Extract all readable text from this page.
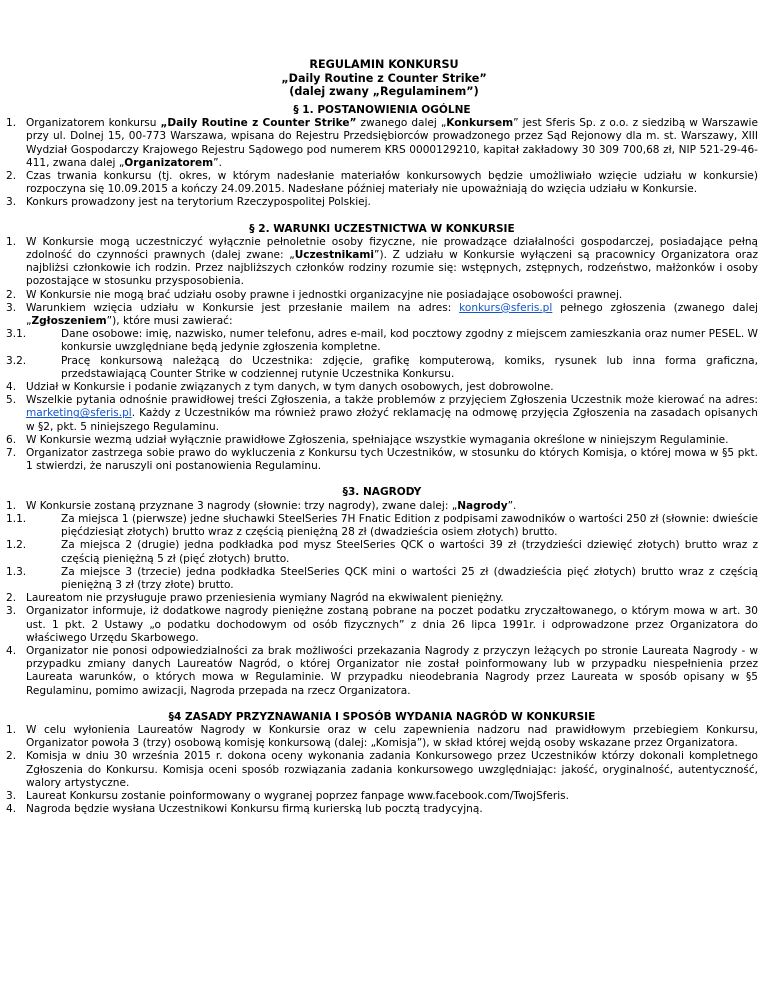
REGULAMIN KONKURSU
„Daily Routine z Counter Strike”
(dalej zwany „Regulaminem”)
§ 1. POSTANOWIENIA OGÓLNE
1. Organizatorem konkursu „Daily Routine z Counter Strike” zwanego dalej „Konkursem” jest Sferis Sp. z o.o. z siedzibą w Warszawie przy ul. Dolnej 15, 00-773 Warszawa, wpisana do Rejestru Przedsiębiorców prowadzonego przez Sąd Rejonowy dla m. st. Warszawy, XIII Wydział Gospodarczy Krajowego Rejestru Sądowego pod numerem KRS 0000129210, kapitał zakładowy 30 309 700,68 zł, NIP 521-29-46-411, zwana dalej „Organizatorem”.
2. Czas trwania konkursu (tj. okres, w którym nadesłanie materiałów konkursowych będzie umożliwiało wzięcie udziału w konkursie) rozpoczyna się 10.09.2015 a kończy 24.09.2015. Nadesłane później materiały nie upoważniają do wzięcia udziału w Konkursie.
3. Konkurs prowadzony jest na terytorium Rzeczypospolitej Polskiej.
§ 2. WARUNKI UCZESTNICTWA W KONKURSIE
1. W Konkursie mogą uczestniczyć wyłącznie pełnoletnie osoby fizyczne, nie prowadzące działalności gospodarczej, posiadające pełną zdolność do czynności prawnych (dalej zwane: „Uczestnikami”). Z udziału w Konkursie wyłączeni są pracownicy Organizatora oraz najbliżsi członkowie ich rodzin. Przez najbliższych członków rodziny rozumie się: wstępnych, zstępnych, rodzeństwo, małżonków i osoby pozostające w stosunku przysposobienia.
2. W Konkursie nie mogą brać udziału osoby prawne i jednostki organizacyjne nie posiadające osobowości prawnej.
3. Warunkiem wzięcia udziału w Konkursie jest przesłanie mailem na adres: konkurs@sferis.pl pełnego zgłoszenia (zwanego dalej „Zgłoszeniem”), które musi zawierać:
3.1.	Dane osobowe: imię, nazwisko, numer telefonu, adres e-mail, kod pocztowy zgodny z miejscem zamieszkania oraz numer PESEL. W konkursie uwzględniane będą jedynie zgłoszenia kompletne.
3.2.	Pracę konkursową należącą do Uczestnika: zdjęcie, grafikę komputerową, komiks, rysunek lub inna forma graficzna, przedstawiającą Counter Strike w codziennej rutynie Uczestnika Konkursu.
4. Udział w Konkursie i podanie związanych z tym danych, w tym danych osobowych, jest dobrowolne.
5. Wszelkie pytania odnośnie prawidłowej treści Zgłoszenia, a także problemów z przyjęciem Zgłoszenia Uczestnik może kierować na adres: marketing@sferis.pl. Każdy z Uczestników ma również prawo złożyć reklamację na odmowę przyjęcia Zgłoszenia na zasadach opisanych w §2, pkt. 5 niniejszego Regulaminu.
6. W Konkursie wezmą udział wyłącznie prawidłowe Zgłoszenia, spełniające wszystkie wymagania określone w niniejszym Regulaminie.
7. Organizator zastrzega sobie prawo do wykluczenia z Konkursu tych Uczestników, w stosunku do których Komisja, o której mowa w §5 pkt. 1 stwierdzi, że naruszyli oni postanowienia Regulaminu.
§3. NAGRODY
1. W Konkursie zostaną przyznane 3 nagrody (słownie: trzy nagrody), zwane dalej: „Nagrody”.
1.1.	Za miejsca 1 (pierwsze) jedne słuchawki SteelSeries 7H Fnatic Edition z podpisami zawodników o wartości 250 zł (słownie: dwieście pięćdziesiąt złotych) brutto wraz z częścią pieniężną 28 zł (dwadzieścia osiem złotych) brutto.
1.2.	Za miejsca 2 (drugie) jedna podkładka pod mysz SteelSeries QCK o wartości 39 zł (trzydzieści dziewięć złotych) brutto wraz z częścią pieniężną 5 zł (pięć złotych) brutto.
1.3.	Za miejsce 3 (trzecie) jedna podkładka SteelSeries QCK mini o wartości 25 zł (dwadzieścia pięć złotych) brutto wraz z częścią pieniężną 3 zł (trzy złote) brutto.
2. Laureatom nie przysługuje prawo przeniesienia wymiany Nagród na ekwiwalent pieniężny.
3. Organizator informuje, iż dodatkowe nagrody pieniężne zostaną pobrane na poczet podatku zryczałtowanego, o którym mowa w art. 30 ust. 1 pkt. 2 Ustawy „o podatku dochodowym od osób fizycznych” z dnia 26 lipca 1991r. i odprowadzone przez Organizatora do właściwego Urzędu Skarbowego.
4. Organizator nie ponosi odpowiedzialności za brak możliwości przekazania Nagrody z przyczyn leżących po stronie Laureata Nagrody - w przypadku zmiany danych Laureatów Nagród, o której Organizator nie został poinformowany lub w przypadku niespełnienia przez Laureata warunków, o których mowa w Regulaminie. W przypadku nieodebrania Nagrody przez Laureata w sposób opisany w §5 Regulaminu, pomimo awizacji, Nagroda przepada na rzecz Organizatora.
§4 ZASADY PRZYZNAWANIA I SPOSÓB WYDANIA NAGRÓD W KONKURSIE
1. W celu wyłonienia Laureatów Nagrody w Konkursie oraz w celu zapewnienia nadzoru nad prawidłowym przebiegiem Konkursu, Organizator powoła 3 (trzy) osobową komisję konkursową (dalej: „Komisja”), w skład której wejdą osoby wskazane przez Organizatora.
2. Komisja w dniu 30 września 2015 r. dokona oceny wykonania zadania Konkursowego przez Uczestników którzy dokonali kompletnego Zgłoszenia do Konkursu. Komisja oceni sposób rozwiązania zadania konkursowego uwzględniając: jakość, oryginalność, autentyczność, walory artystyczne.
3. Laureat Konkursu zostanie poinformowany o wygranej poprzez fanpage www.facebook.com/TwojSferis.
4. Nagroda będzie wysłana Uczestnikowi Konkursu firmą kurierską lub pocztą tradycyjną.
